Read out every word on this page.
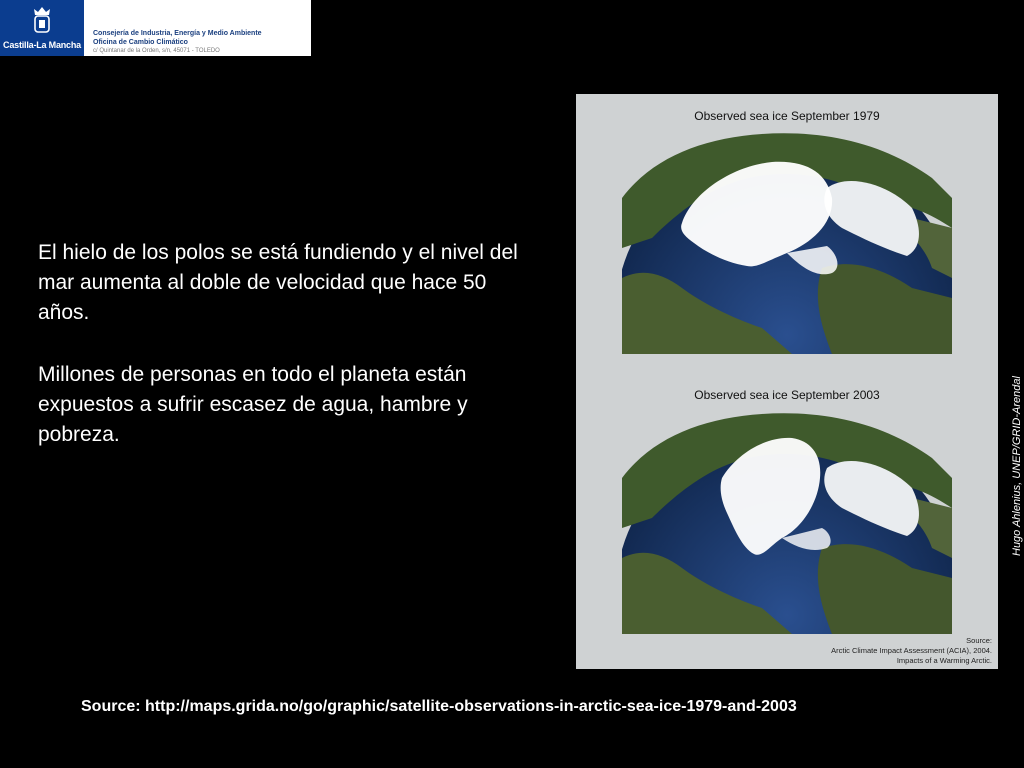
Castilla-La Mancha
Consejería de Industria, Energía y Medio Ambiente
Oficina de Cambio Climático
c/ Quintanar de la Orden, s/n, 45071 - TOLEDO

El hielo de los polos se está fundiendo y el nivel del mar aumenta al doble de velocidad que hace 50 años.

Millones de personas en todo el planeta están expuestos a sufrir escasez de agua, hambre y pobreza.

Observed sea ice September 1979
Observed sea ice September 2003
Source:
Arctic Climate Impact Assessment (ACIA), 2004.
Impacts of a Warming Arctic.
Hugo Ahlenius, UNEP/GRID-Arendal
Source: http://maps.grida.no/go/graphic/satellite-observations-in-arctic-sea-ice-1979-and-2003
